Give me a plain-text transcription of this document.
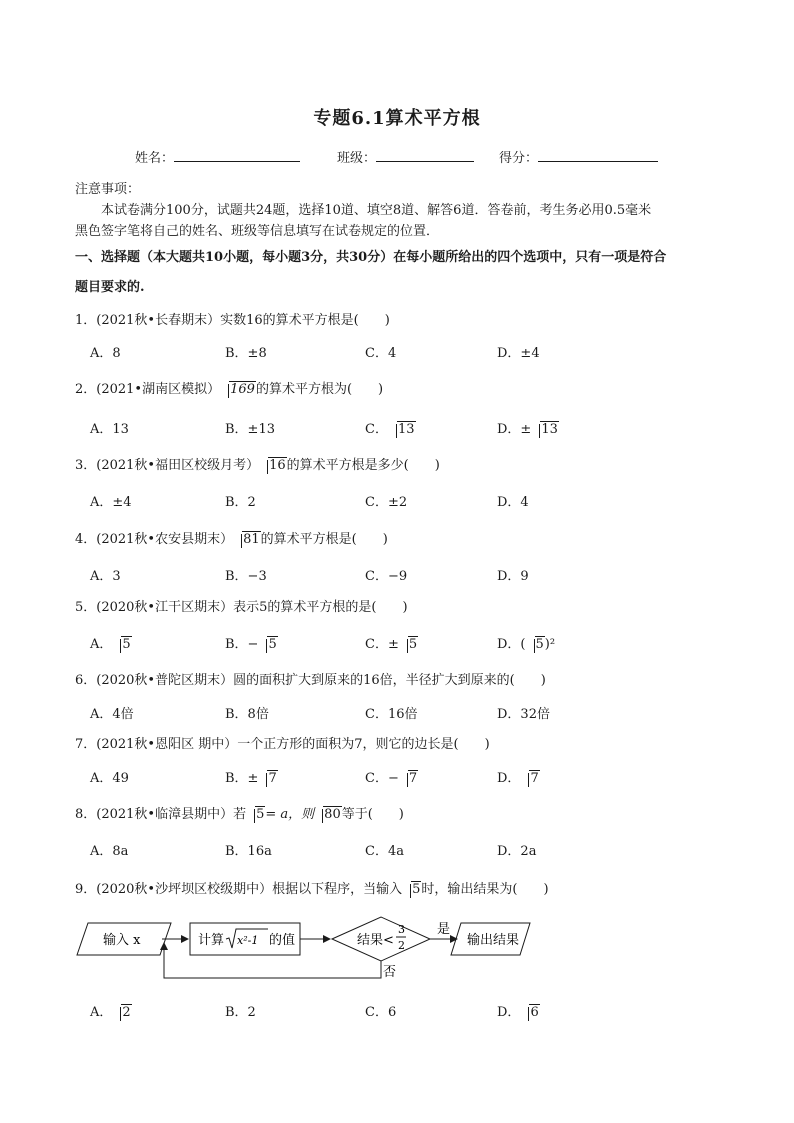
专题6.1算术平方根
姓名：	班级：	得分：
注意事项：
本试卷满分100分，试题共24题，选择10道、填空8道、解答6道．答卷前，考生务必用0.5毫米
黑色签字笔将自己的姓名、班级等信息填写在试卷规定的位置．
一、选择题（本大题共10小题，每小题3分，共30分）在每小题所给出的四个选项中，只有一项是符合
题目要求的.
1．(2021秋•长春期末）实数16的算术平方根是(　　)
A．8	B．±8	C．4	D．±4
2．(2021•湖南区模拟） 169的算术平方根为(　　)
A．13	B．±13	C． 13	D．± 13
3．(2021秋•福田区校级月考） 16的算术平方根是多少(　　)
A．±4	B．2	C．±2	D．4
4．(2021秋•农安县期末） 81的算术平方根是(　　)
A．3	B．−3	C．−9	D．9
5．(2020秋•江干区期末）表示5的算术平方根的是(　　)
A． 5	B．− 5	C．± 5	D．( 5)²
6．(2020秋•普陀区期末）圆的面积扩大到原来的16倍，半径扩大到原来的(　　)
A．4倍	B．8倍	C．16倍	D．32倍
7．(2021秋•恩阳区 期中）一个正方形的面积为7，则它的边长是(　　)
A．49	B．± 7	C．− 7	D． 7
8．(2021秋•临漳县期中）若 5= a，则 80等于(　　)
A．8a	B．16a	C．4a	D．2a
9．(2020秋•沙坪坝区校级期中）根据以下程序，当输入 5时，输出结果为(　　)
输入 x	计算 x²-1 的值	结果<
3
2
是
输出结果
否
A． 2	B．2	C．6	D． 6
